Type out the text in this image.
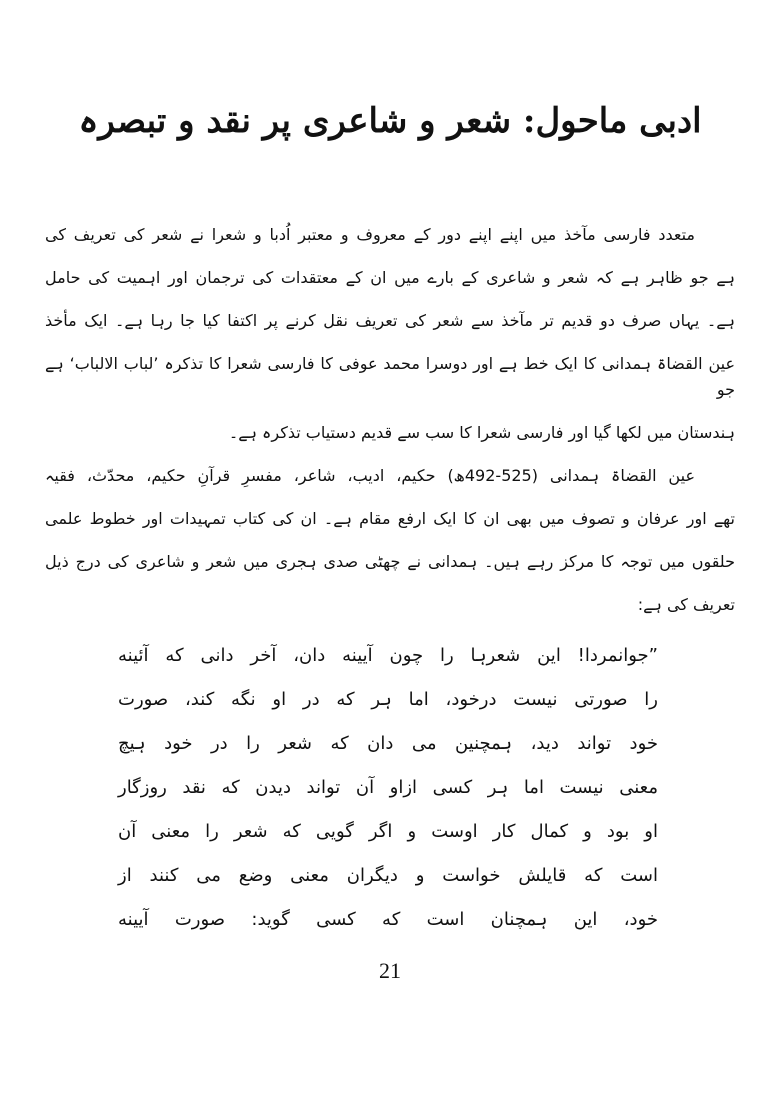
ادبی ماحول: شعر و شاعری پر نقد و تبصرہ
متعدد فارسی مآخذ میں اپنے اپنے دور کے معروف و معتبر اُدبا و شعرا نے شعر کی تعریف کی
ہے جو ظاہر ہے کہ شعر و شاعری کے بارے میں ان کے معتقدات کی ترجمان اور اہمیت کی حامل
ہے۔ یہاں صرف دو قدیم تر مآخذ سے شعر کی تعریف نقل کرنے پر اکتفا کیا جا رہا ہے۔ ایک مأخذ
عین القضاۃ ہمدانی کا ایک خط ہے اور دوسرا محمد عوفی کا فارسی شعرا کا تذکرہ ’لباب الالباب‘ ہے جو
ہندستان میں لکھا گیا اور فارسی شعرا کا سب سے قدیم دستیاب تذکرہ ہے۔
عین القضاۃ ہمدانی (525-492ھ) حکیم، ادیب، شاعر، مفسرِ قرآنِ حکیم، محدّث، فقیہ
تھے اور عرفان و تصوف میں بھی ان کا ایک ارفع مقام ہے۔ ان کی کتاب تمہیدات اور خطوط علمی
حلقوں میں توجہ کا مرکز رہے ہیں۔ ہمدانی نے چھٹی صدی ہجری میں شعر و شاعری کی درج ذیل
تعریف کی ہے:
”جوانمردا! این شعرہا را چون آیینه دان، آخر دانی که آئینه
را صورتی نیست درخود، اما ہر که در او نگه کند، صورت
خود تواند دید، ہمچنین می دان که شعر را در خود ہیچ
معنی نیست اما ہر کسی ازاو آن تواند دیدن که نقد روزگار
او بود و کمال کار اوست و اگر گویی که شعر را معنی آن
است که قایلش خواست و دیگران معنی وضع می کنند از
خود، این ہمچنان است که کسی گوید: صورت آیینه
21
